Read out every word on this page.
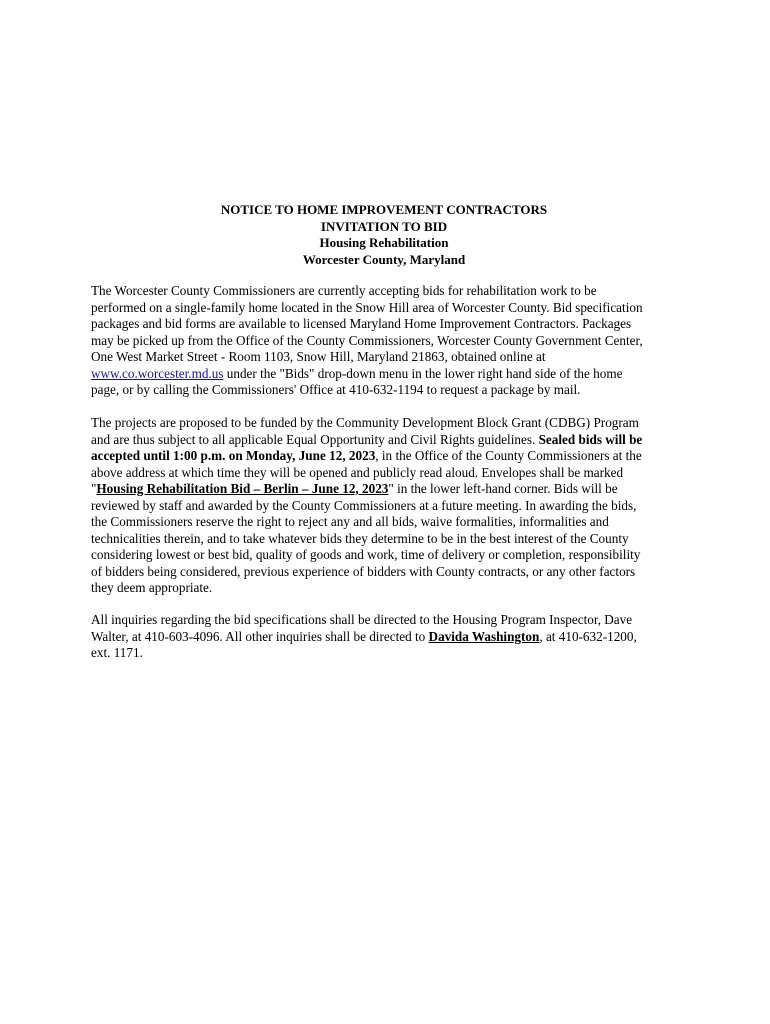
NOTICE TO HOME IMPROVEMENT CONTRACTORS
INVITATION TO BID
Housing Rehabilitation
Worcester County, Maryland
The Worcester County Commissioners are currently accepting bids for rehabilitation work to be
performed on a single-family home located in the Snow Hill area of Worcester County. Bid specification
packages and bid forms are available to licensed Maryland Home Improvement Contractors. Packages
may be picked up from the Office of the County Commissioners, Worcester County Government Center,
One West Market Street - Room 1103, Snow Hill, Maryland 21863, obtained online at
www.co.worcester.md.us under the "Bids" drop-down menu in the lower right hand side of the home
page, or by calling the Commissioners' Office at 410-632-1194 to request a package by mail.
The projects are proposed to be funded by the Community Development Block Grant (CDBG) Program
and are thus subject to all applicable Equal Opportunity and Civil Rights guidelines. Sealed bids will be
accepted until 1:00 p.m. on Monday, June 12, 2023, in the Office of the County Commissioners at the
above address at which time they will be opened and publicly read aloud. Envelopes shall be marked
"Housing Rehabilitation Bid – Berlin – June 12, 2023" in the lower left-hand corner. Bids will be
reviewed by staff and awarded by the County Commissioners at a future meeting. In awarding the bids,
the Commissioners reserve the right to reject any and all bids, waive formalities, informalities and
technicalities therein, and to take whatever bids they determine to be in the best interest of the County
considering lowest or best bid, quality of goods and work, time of delivery or completion, responsibility
of bidders being considered, previous experience of bidders with County contracts, or any other factors
they deem appropriate.
All inquiries regarding the bid specifications shall be directed to the Housing Program Inspector, Dave
Walter, at 410-603-4096. All other inquiries shall be directed to Davida Washington, at 410-632-1200,
ext. 1171.
